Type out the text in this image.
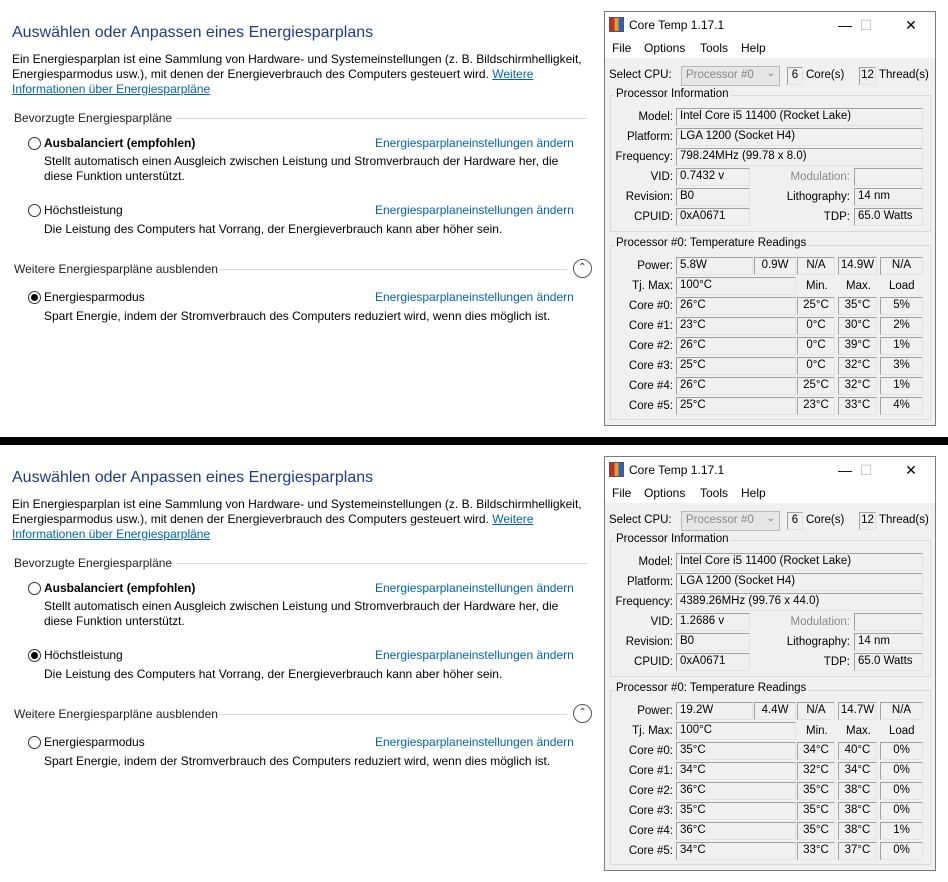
Auswählen oder Anpassen eines Energiesparplans
Ein Energiesparplan ist eine Sammlung von Hardware- und Systemeinstellungen (z. B. Bildschirmhelligkeit, Energiesparmodus usw.), mit denen der Energieverbrauch des Computers gesteuert wird. Weitere Informationen über Energiesparpläne
Bevorzugte Energiesparpläne
Ausbalanciert (empfohlen)	Energiesparplaneinstellungen ändern
Stellt automatisch einen Ausgleich zwischen Leistung und Stromverbrauch der Hardware her, die diese Funktion unterstützt.
Höchstleistung	Energiesparplaneinstellungen ändern
Die Leistung des Computers hat Vorrang, der Energieverbrauch kann aber höher sein.
Weitere Energiesparpläne ausblenden	⌃
Energiesparmodus	Energiesparplaneinstellungen ändern
Spart Energie, indem der Stromverbrauch des Computers reduziert wird, wenn dies möglich ist.
Core Temp 1.17.1	— ☐	✕
File Options Tools Help
Select CPU:	Processor #0 ⌄	6 Core(s) 12 Thread(s)
Processor Information
Model: Intel Core i5 11400 (Rocket Lake)
Platform: LGA 1200 (Socket H4)
Frequency: 798.24MHz (99.78 x 8.0)
VID: 0.7432 v	Modulation:
Revision: B0	Lithography: 14 nm
CPUID: 0xA0671	TDP: 65.0 Watts
Processor #0: Temperature Readings
Power: 5.8W	0.9W	N/A	14.9W	N/A
Tj. Max: 100°C	Min. Max. Load
Core #0: 26°C	25°C	35°C	5%
Core #1: 23°C	0°C	30°C	2%
Core #2: 26°C	0°C	39°C	1%
Core #3: 25°C	0°C	32°C	3%
Core #4: 26°C	25°C	32°C	1%
Core #5: 25°C	23°C	33°C	4%
Auswählen oder Anpassen eines Energiesparplans
Ein Energiesparplan ist eine Sammlung von Hardware- und Systemeinstellungen (z. B. Bildschirmhelligkeit, Energiesparmodus usw.), mit denen der Energieverbrauch des Computers gesteuert wird. Weitere Informationen über Energiesparpläne
Bevorzugte Energiesparpläne
Ausbalanciert (empfohlen)	Energiesparplaneinstellungen ändern
Stellt automatisch einen Ausgleich zwischen Leistung und Stromverbrauch der Hardware her, die diese Funktion unterstützt.
Höchstleistung	Energiesparplaneinstellungen ändern
Die Leistung des Computers hat Vorrang, der Energieverbrauch kann aber höher sein.
Weitere Energiesparpläne ausblenden	⌃
Energiesparmodus	Energiesparplaneinstellungen ändern
Spart Energie, indem der Stromverbrauch des Computers reduziert wird, wenn dies möglich ist.
Core Temp 1.17.1	— ☐	✕
File Options Tools Help
Select CPU:	Processor #0 ⌄	6 Core(s) 12 Thread(s)
Processor Information
Model: Intel Core i5 11400 (Rocket Lake)
Platform: LGA 1200 (Socket H4)
Frequency: 4389.26MHz (99.76 x 44.0)
VID: 1.2686 v	Modulation:
Revision: B0	Lithography: 14 nm
CPUID: 0xA0671	TDP: 65.0 Watts
Processor #0: Temperature Readings
Power: 19.2W	4.4W	N/A	14.7W	N/A
Tj. Max: 100°C	Min. Max. Load
Core #0: 35°C	34°C	40°C	0%
Core #1: 34°C	32°C	34°C	0%
Core #2: 36°C	35°C	38°C	0%
Core #3: 35°C	35°C	38°C	0%
Core #4: 36°C	35°C	38°C	1%
Core #5: 34°C	33°C	37°C	0%
